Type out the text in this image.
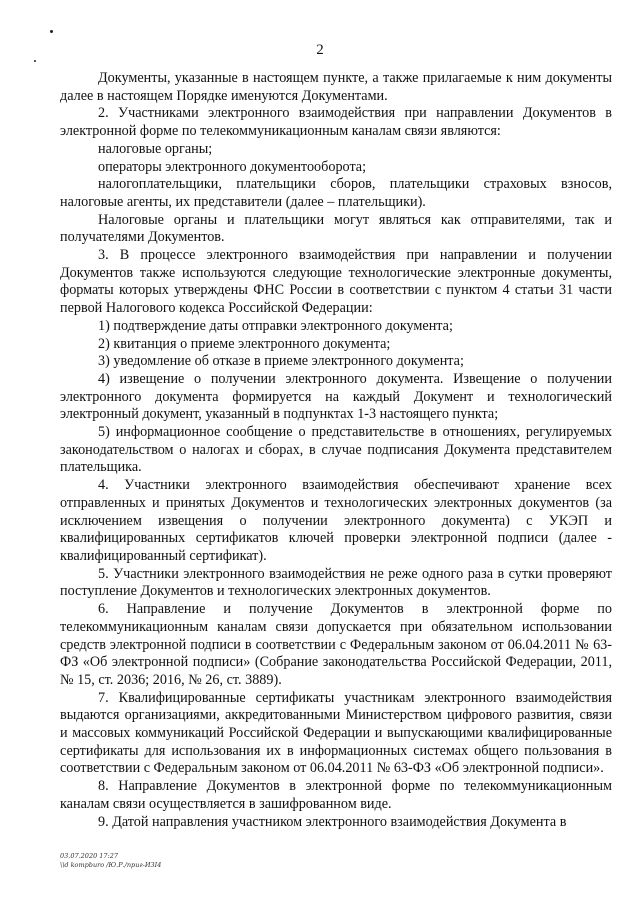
2

Документы, указанные в настоящем пункте, а также прилагаемые к ним документы далее в настоящем Порядке именуются Документами.

2. Участниками электронного взаимодействия при направлении Документов в электронной форме по телекоммуникационным каналам связи являются:

налоговые органы;

операторы электронного документооборота;

налогоплательщики, плательщики сборов, плательщики страховых взносов, налоговые агенты, их представители (далее – плательщики).

Налоговые органы и плательщики могут являться как отправителями, так и получателями Документов.

3. В процессе электронного взаимодействия при направлении и получении Документов также используются следующие технологические электронные документы, форматы которых утверждены ФНС России в соответствии с пунктом 4 статьи 31 части первой Налогового кодекса Российской Федерации:

1) подтверждение даты отправки электронного документа;

2) квитанция о приеме электронного документа;

3) уведомление об отказе в приеме электронного документа;

4) извещение о получении электронного документа. Извещение о получении электронного документа формируется на каждый Документ и технологический электронный документ, указанный в подпунктах 1-3 настоящего пункта;

5) информационное сообщение о представительстве в отношениях, регулируемых законодательством о налогах и сборах, в случае подписания Документа представителем плательщика.

4. Участники электронного взаимодействия обеспечивают хранение всех отправленных и принятых Документов и технологических электронных документов (за исключением извещения о получении электронного документа) с УКЭП и квалифицированных сертификатов ключей проверки электронной подписи (далее - квалифицированный сертификат).

5. Участники электронного взаимодействия не реже одного раза в сутки проверяют поступление Документов и технологических электронных документов.

6. Направление и получение Документов в электронной форме по телекоммуникационным каналам связи допускается при обязательном использовании средств электронной подписи в соответствии с Федеральным законом от 06.04.2011 № 63-ФЗ «Об электронной подписи» (Собрание законодательства Российской Федерации, 2011, № 15, ст. 2036; 2016, № 26, ст. 3889).

7. Квалифицированные сертификаты участникам электронного взаимодействия выдаются организациями, аккредитованными Министерством цифрового развития, связи и массовых коммуникаций Российской Федерации и выпускающими квалифицированные сертификаты для использования их в информационных системах общего пользования в соответствии с Федеральным законом от 06.04.2011 № 63-ФЗ «Об электронной подписи».

8. Направление Документов в электронной форме по телекоммуникационным каналам связи осуществляется в зашифрованном виде.

9. Датой направления участником электронного взаимодействия Документа в

03.07.2020 17:27
\\d kompburo /Ю.Р./приг-И3І4
